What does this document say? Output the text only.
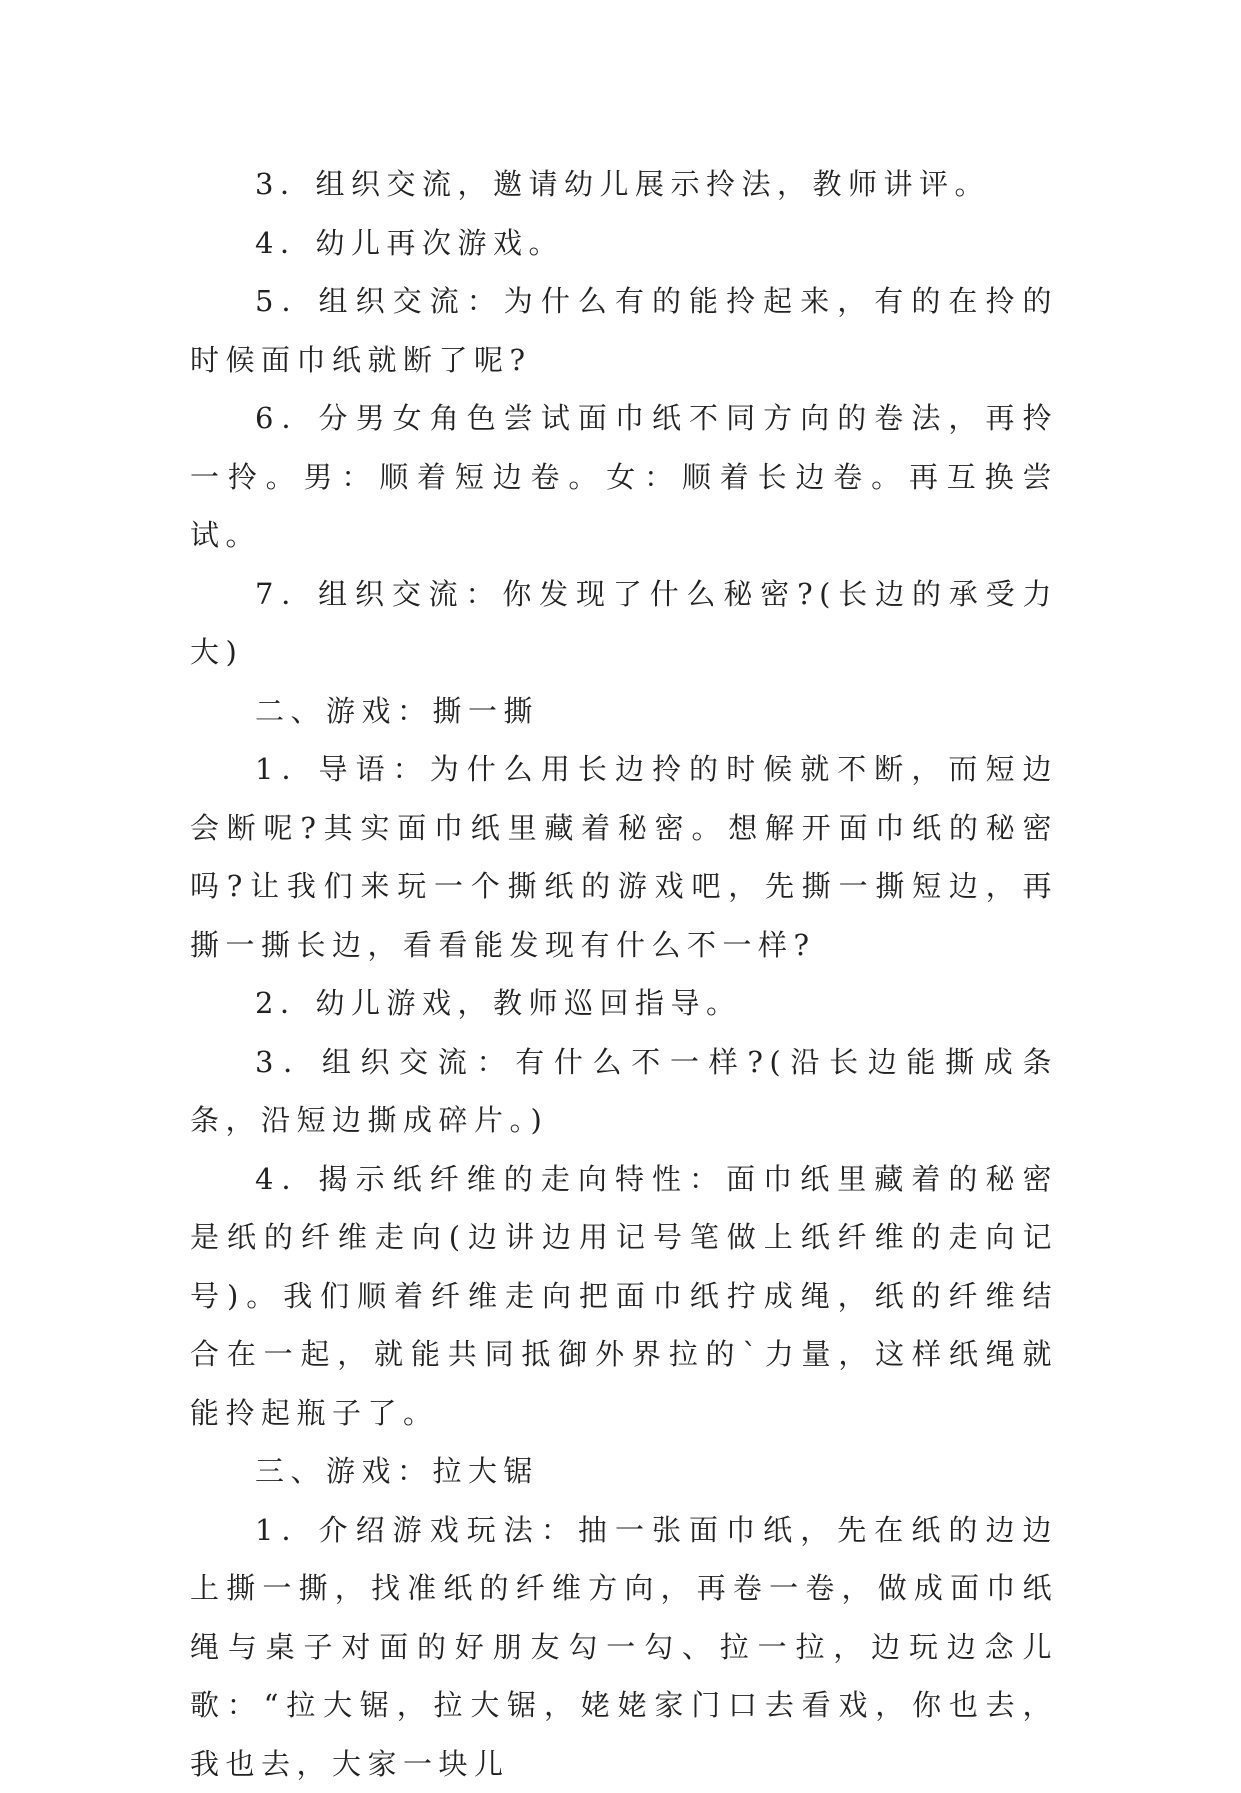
3．组织交流，邀请幼儿展示拎法，教师讲评。

4．幼儿再次游戏。

5．组织交流：为什么有的能拎起来，有的在拎的时候面巾纸就断了呢?

6．分男女角色尝试面巾纸不同方向的卷法，再拎一拎。男：顺着短边卷。女：顺着长边卷。再互换尝试。

7．组织交流：你发现了什么秘密?(长边的承受力大)

二、游戏：撕一撕

1．导语：为什么用长边拎的时候就不断，而短边会断呢?其实面巾纸里藏着秘密。想解开面巾纸的秘密吗?让我们来玩一个撕纸的游戏吧，先撕一撕短边，再撕一撕长边，看看能发现有什么不一样?

2．幼儿游戏，教师巡回指导。

3．组织交流：有什么不一样?(沿长边能撕成条条，沿短边撕成碎片。)

4．揭示纸纤维的走向特性：面巾纸里藏着的秘密是纸的纤维走向(边讲边用记号笔做上纸纤维的走向记号)。我们顺着纤维走向把面巾纸拧成绳，纸的纤维结合在一起，就能共同抵御外界拉的`力量，这样纸绳就能拎起瓶子了。

三、游戏：拉大锯

1．介绍游戏玩法：抽一张面巾纸，先在纸的边边上撕一撕，找准纸的纤维方向，再卷一卷，做成面巾纸绳与桌子对面的好朋友勾一勾、拉一拉，边玩边念儿歌：“拉大锯，拉大锯，姥姥家门口去看戏，你也去，我也去，大家一块儿
